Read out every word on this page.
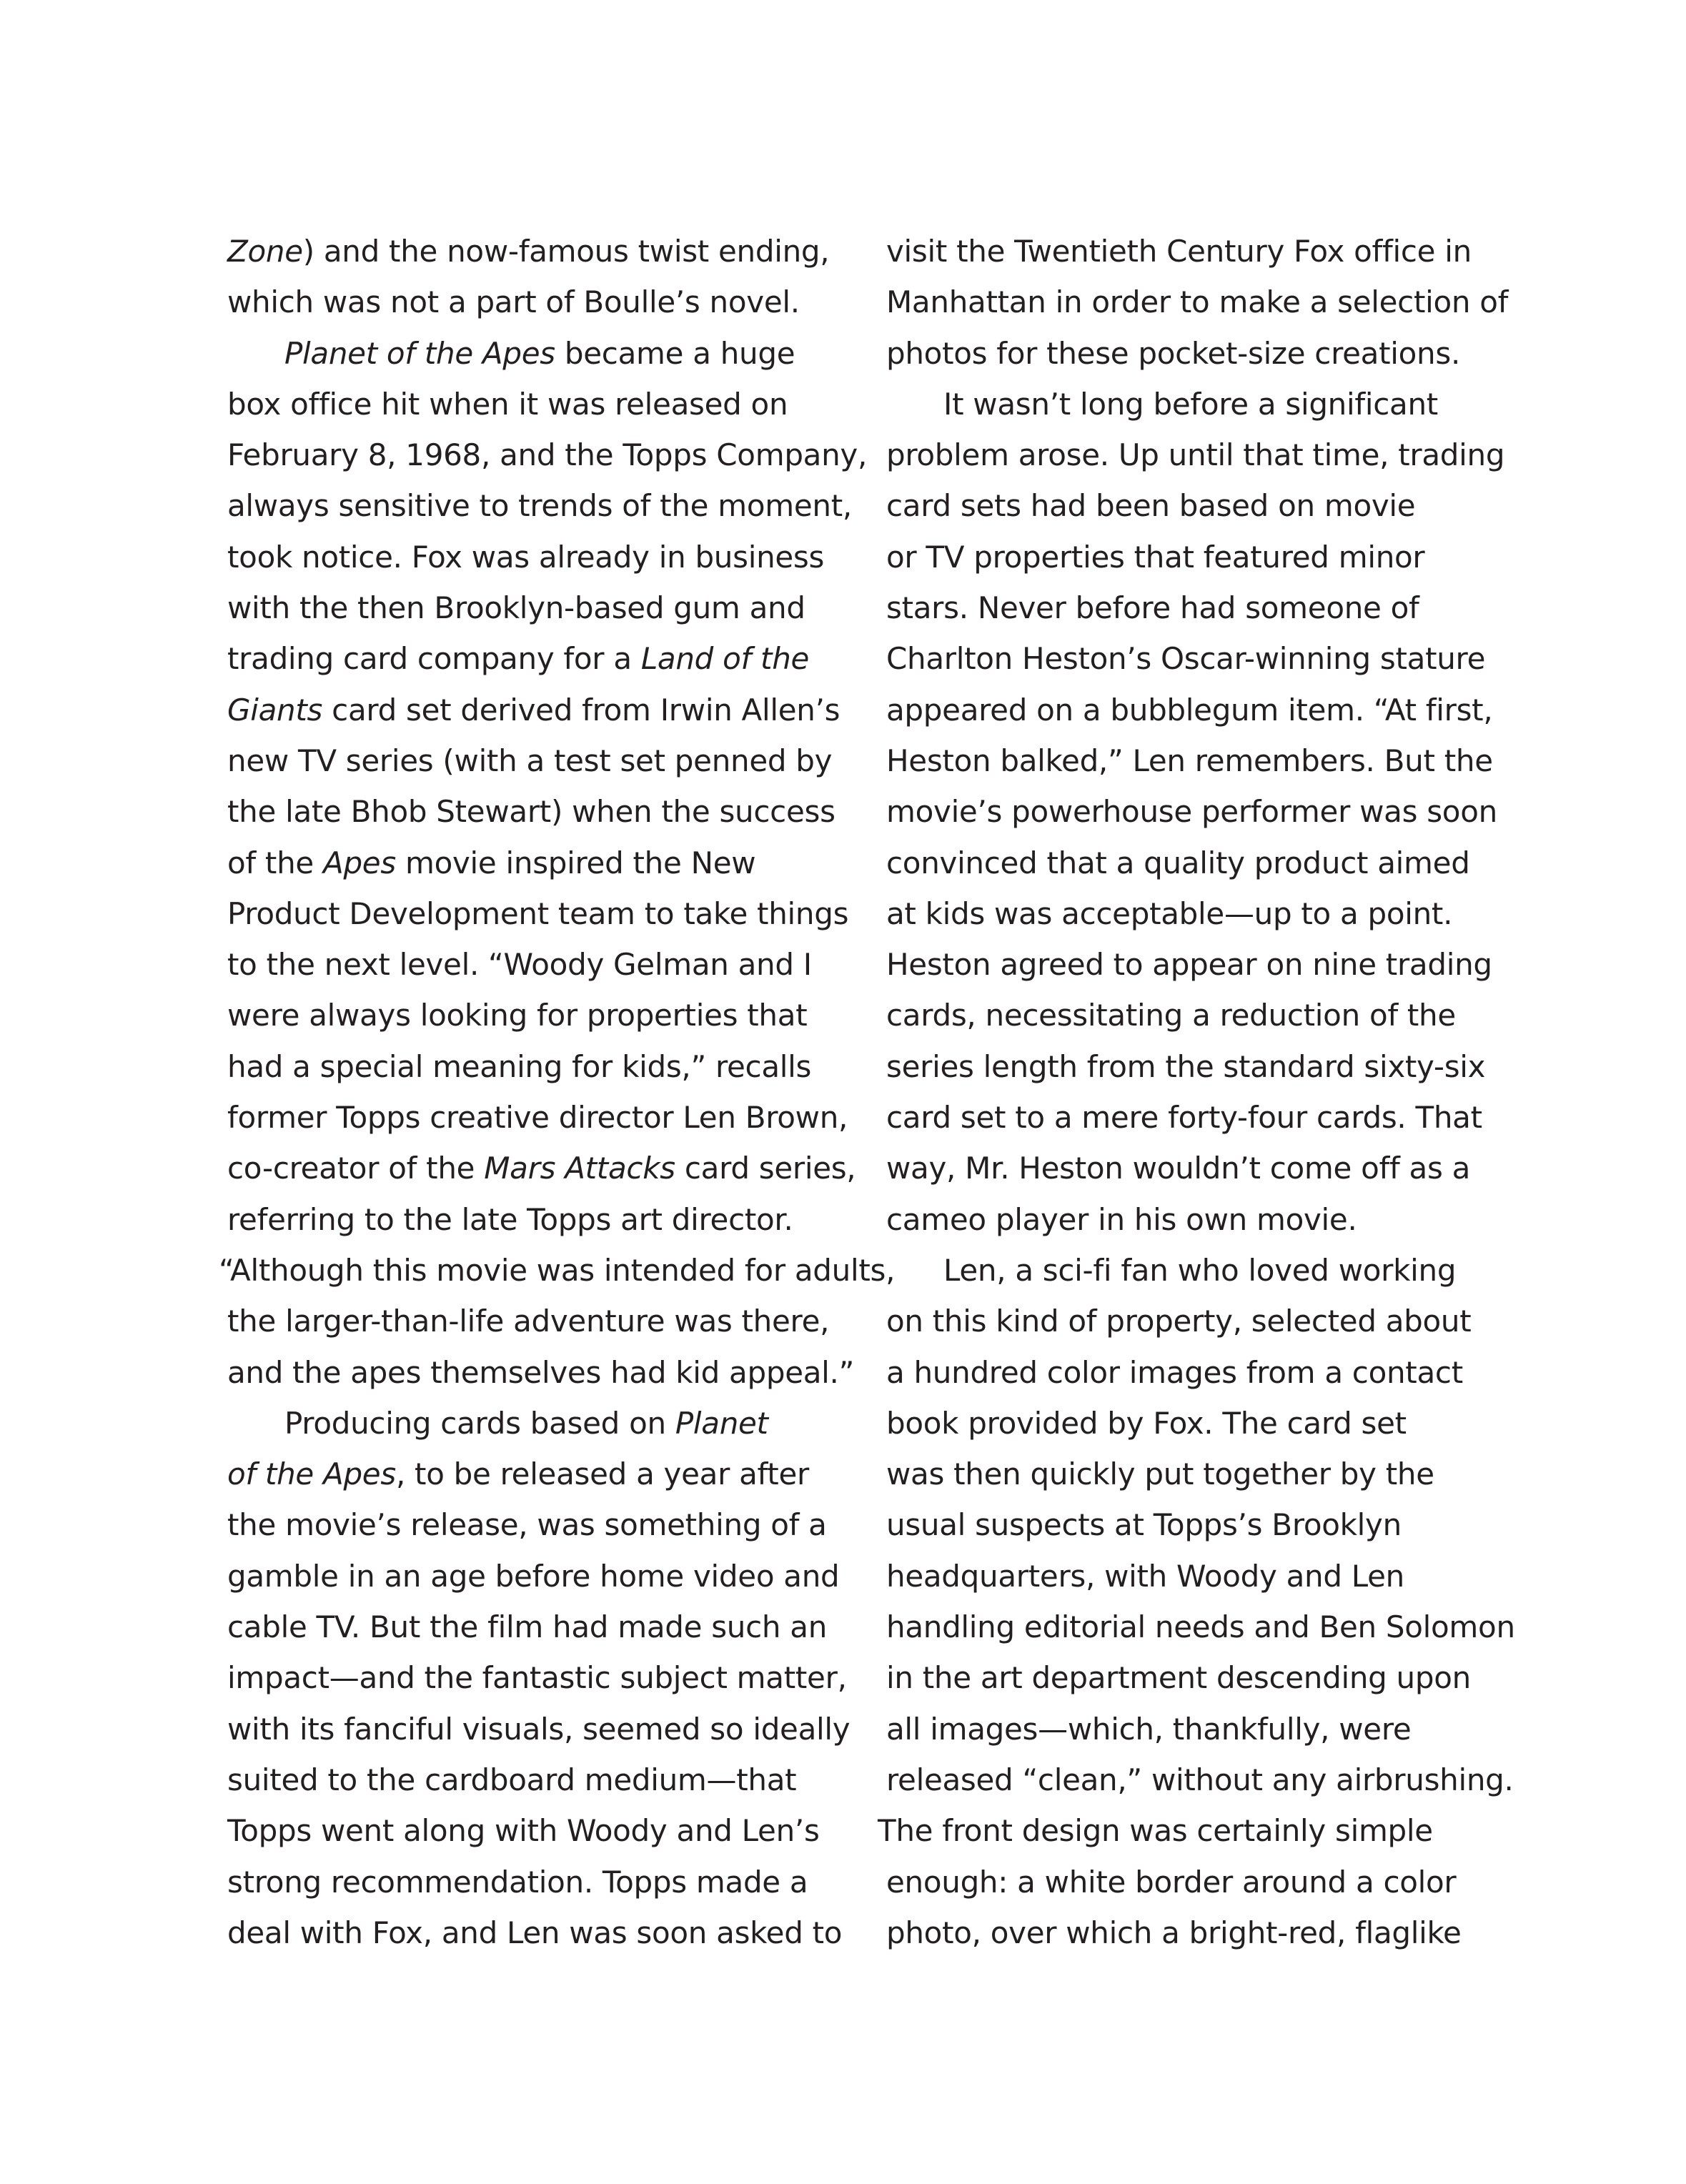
Zone) and the now-famous twist ending,
which was not a part of Boulle’s novel.
Planet of the Apes became a huge
box office hit when it was released on
February 8, 1968, and the Topps Company,
always sensitive to trends of the moment,
took notice. Fox was already in business
with the then Brooklyn-based gum and
trading card company for a Land of the
Giants card set derived from Irwin Allen’s
new TV series (with a test set penned by
the late Bhob Stewart) when the success
of the Apes movie inspired the New
Product Development team to take things
to the next level. “Woody Gelman and I
were always looking for properties that
had a special meaning for kids,” recalls
former Topps creative director Len Brown,
co-creator of the Mars Attacks card series,
referring to the late Topps art director.
“Although this movie was intended for adults,
the larger-than-life adventure was there,
and the apes themselves had kid appeal.”
Producing cards based on Planet
of the Apes, to be released a year after
the movie’s release, was something of a
gamble in an age before home video and
cable TV. But the film had made such an
impact—and the fantastic subject matter,
with its fanciful visuals, seemed so ideally
suited to the cardboard medium—that
Topps went along with Woody and Len’s
strong recommendation. Topps made a
deal with Fox, and Len was soon asked to
visit the Twentieth Century Fox office in
Manhattan in order to make a selection of
photos for these pocket-size creations.
It wasn’t long before a significant
problem arose. Up until that time, trading
card sets had been based on movie
or TV properties that featured minor
stars. Never before had someone of
Charlton Heston’s Oscar-winning stature
appeared on a bubblegum item. “At first,
Heston balked,” Len remembers. But the
movie’s powerhouse performer was soon
convinced that a quality product aimed
at kids was acceptable—up to a point.
Heston agreed to appear on nine trading
cards, necessitating a reduction of the
series length from the standard sixty-six
card set to a mere forty-four cards. That
way, Mr. Heston wouldn’t come off as a
cameo player in his own movie.
Len, a sci-fi fan who loved working
on this kind of property, selected about
a hundred color images from a contact
book provided by Fox. The card set
was then quickly put together by the
usual suspects at Topps’s Brooklyn
headquarters, with Woody and Len
handling editorial needs and Ben Solomon
in the art department descending upon
all images—which, thankfully, were
released “clean,” without any airbrushing.
The front design was certainly simple
enough: a white border around a color
photo, over which a bright-red, flaglike
